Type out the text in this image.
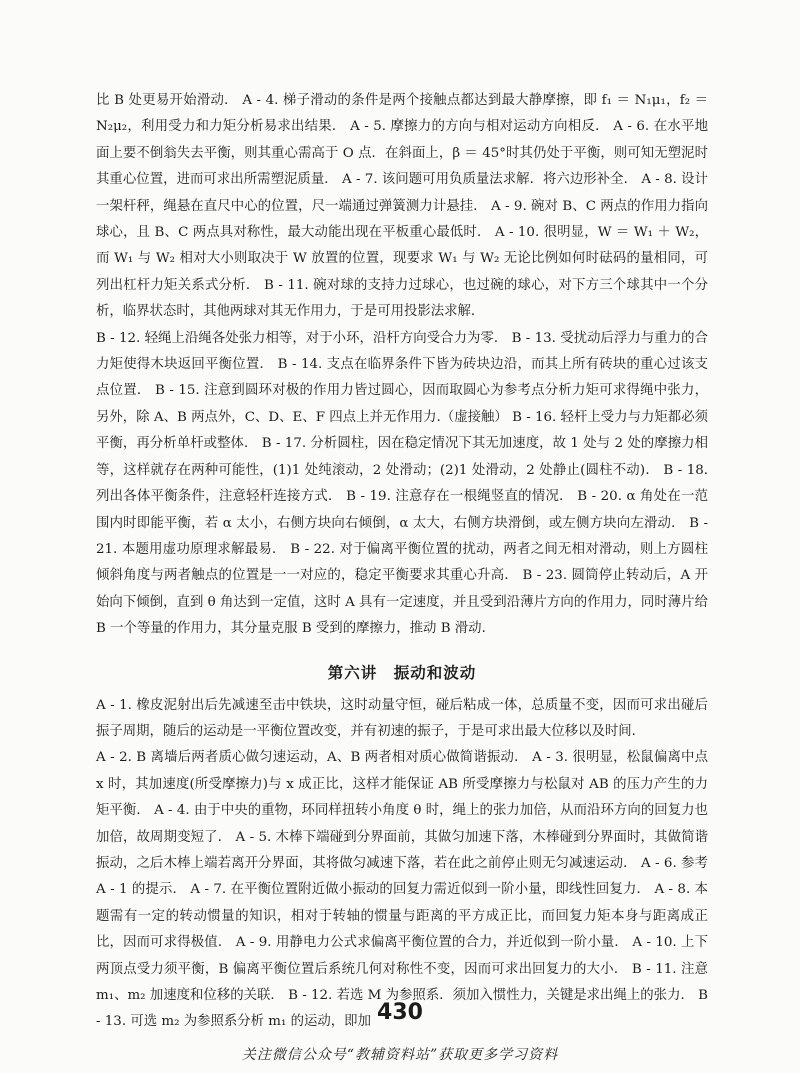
比 B 处更易开始滑动． A - 4. 梯子滑动的条件是两个接触点都达到最大静摩擦，即 f₁ ＝ N₁μ₁，f₂ ＝ N₂μ₂，利用受力和力矩分析易求出结果． A - 5. 摩擦力的方向与相对运动方向相反． A - 6. 在水平地面上要不倒翁失去平衡，则其重心需高于 O 点．在斜面上，β ＝ 45°时其仍处于平衡，则可知无塑泥时其重心位置，进而可求出所需塑泥质量． A - 7. 该问题可用负质量法求解．将六边形补全． A - 8. 设计一架杆秤，绳悬在直尺中心的位置，尺一端通过弹簧测力计悬挂． A - 9. 碗对 B、C 两点的作用力指向球心，且 B、C 两点具对称性，最大动能出现在平板重心最低时． A - 10. 很明显，W ＝ W₁ ＋ W₂，而 W₁ 与 W₂ 相对大小则取决于 W 放置的位置，现要求 W₁ 与 W₂ 无论比例如何时砝码的量相同，可列出杠杆力矩关系式分析． B - 11. 碗对球的支持力过球心，也过碗的球心，对下方三个球其中一个分析，临界状态时，其他两球对其无作用力，于是可用投影法求解．

B - 12. 轻绳上沿绳各处张力相等，对于小环，沿杆方向受合力为零． B - 13. 受扰动后浮力与重力的合力矩使得木块返回平衡位置． B - 14. 支点在临界条件下皆为砖块边沿，而其上所有砖块的重心过该支点位置． B - 15. 注意到圆环对极的作用力皆过圆心，因而取圆心为参考点分析力矩可求得绳中张力，另外，除 A、B 两点外，C、D、E、F 四点上并无作用力.（虚接触） B - 16. 轻杆上受力与力矩都必须平衡，再分析单杆或整体． B - 17. 分析圆柱，因在稳定情况下其无加速度，故 1 处与 2 处的摩擦力相等，这样就存在两种可能性，(1)1 处纯滚动，2 处滑动；(2)1 处滑动，2 处静止(圆柱不动)． B - 18. 列出各体平衡条件，注意轻杆连接方式． B - 19. 注意存在一根绳竖直的情况． B - 20. α 角处在一范围内时即能平衡，若 α 太小，右侧方块向右倾倒，α 太大，右侧方块滑倒，或左侧方块向左滑动． B - 21. 本题用虚功原理求解最易． B - 22. 对于偏离平衡位置的扰动，两者之间无相对滑动，则上方圆柱倾斜角度与两者触点的位置是一一对应的，稳定平衡要求其重心升高． B - 23. 圆筒停止转动后，A 开始向下倾倒，直到 θ 角达到一定值，这时 A 具有一定速度，并且受到沿薄片方向的作用力，同时薄片给 B 一个等量的作用力，其分量克服 B 受到的摩擦力，推动 B 滑动．

第六讲　振动和波动

A - 1. 橡皮泥射出后先减速至击中铁块，这时动量守恒，碰后粘成一体，总质量不变，因而可求出碰后振子周期，随后的运动是一平衡位置改变，并有初速的振子，于是可求出最大位移以及时间．

A - 2. B 离墙后两者质心做匀速运动，A、B 两者相对质心做简谐振动． A - 3. 很明显，松鼠偏离中点 x 时，其加速度(所受摩擦力)与 x 成正比，这样才能保证 AB 所受摩擦力与松鼠对 AB 的压力产生的力矩平衡． A - 4. 由于中央的重物，环同样扭转小角度 θ 时，绳上的张力加倍，从而沿环方向的回复力也加倍，故周期变短了． A - 5. 木棒下端碰到分界面前，其做匀加速下落，木棒碰到分界面时，其做简谐振动，之后木棒上端若离开分界面，其将做匀减速下落，若在此之前停止则无匀减速运动． A - 6. 参考 A - 1 的提示． A - 7. 在平衡位置附近做小振动的回复力需近似到一阶小量，即线性回复力． A - 8. 本题需有一定的转动惯量的知识，相对于转轴的惯量与距离的平方成正比，而回复力矩本身与距离成正比，因而可求得极值． A - 9. 用静电力公式求偏离平衡位置的合力，并近似到一阶小量． A - 10. 上下两顶点受力须平衡，B 偏离平衡位置后系统几何对称性不变，因而可求出回复力的大小． B - 11. 注意 m₁、m₂ 加速度和位移的关联． B - 12. 若选 M 为参照系．须加入惯性力，关键是求出绳上的张力． B - 13. 可选 m₂ 为参照系分析 m₁ 的运动，即加 430
关注微信公众号“教辅资料站”获取更多学习资料
